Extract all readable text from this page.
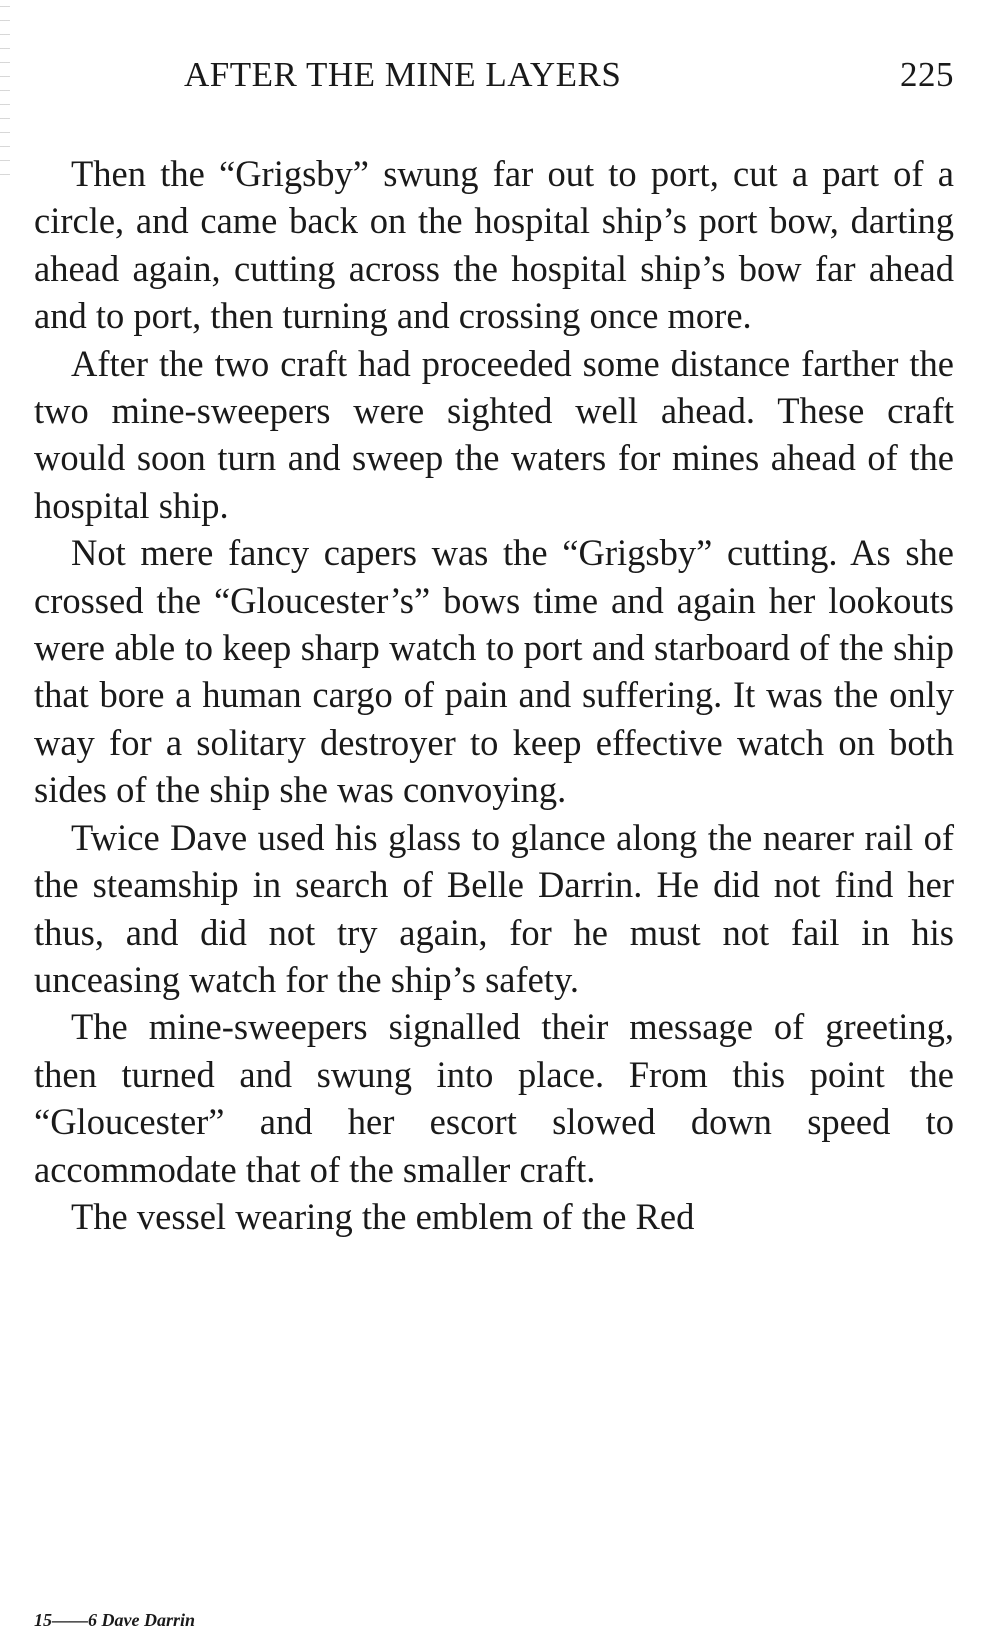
AFTER THE MINE LAYERS	225

Then the “Grigsby” swung far out to port, cut a part of a circle, and came back on the hospital ship’s port bow, darting ahead again, cutting across the hospital ship’s bow far ahead and to port, then turning and crossing once more.

After the two craft had proceeded some distance farther the two mine-sweepers were sighted well ahead. These craft would soon turn and sweep the waters for mines ahead of the hospital ship.

Not mere fancy capers was the “Grigsby” cutting. As she crossed the “Gloucester’s” bows time and again her lookouts were able to keep sharp watch to port and starboard of the ship that bore a human cargo of pain and suffering. It was the only way for a solitary destroyer to keep effective watch on both sides of the ship she was convoying.

Twice Dave used his glass to glance along the nearer rail of the steamship in search of Belle Darrin. He did not find her thus, and did not try again, for he must not fail in his unceasing watch for the ship’s safety.

The mine-sweepers signalled their message of greeting, then turned and swung into place. From this point the “Gloucester” and her escort slowed down speed to accommodate that of the smaller craft.

The vessel wearing the emblem of the Red

15——6 Dave Darrin
